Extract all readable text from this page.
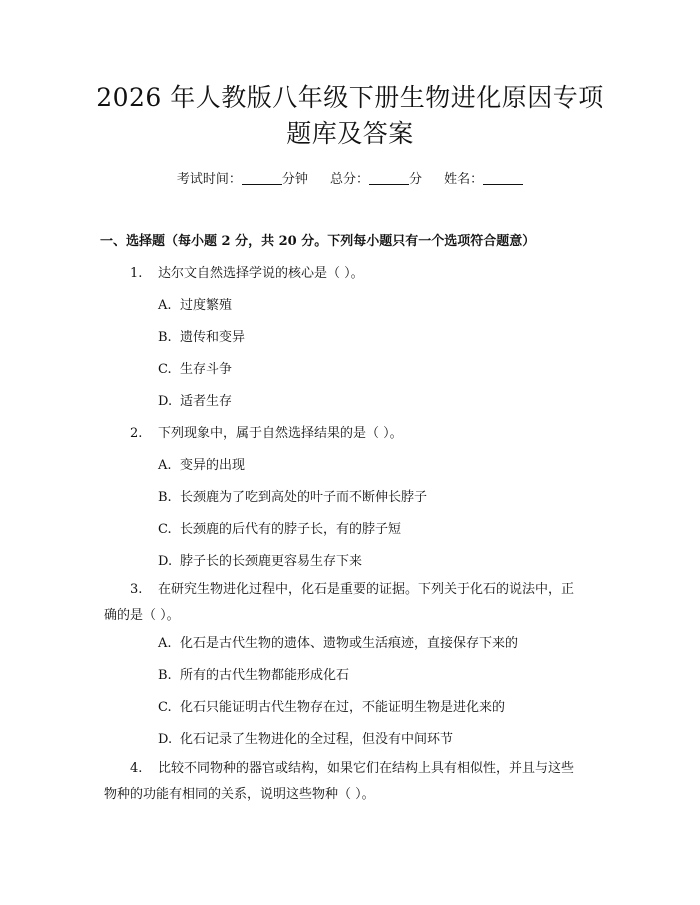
2026 年人教版八年级下册生物进化原因专项
题库及答案
考试时间：	分钟 总分：	分 姓名：
一、选择题（每小题 2 分，共 20 分。下列每小题只有一个选项符合题意）
1. 达尔文自然选择学说的核心是（ ）。
A. 过度繁殖
B. 遗传和变异
C. 生存斗争
D. 适者生存
2. 下列现象中，属于自然选择结果的是（ ）。
A. 变异的出现
B. 长颈鹿为了吃到高处的叶子而不断伸长脖子
C. 长颈鹿的后代有的脖子长，有的脖子短
D. 脖子长的长颈鹿更容易生存下来
3. 在研究生物进化过程中，化石是重要的证据。下列关于化石的说法中，正
确的是（ ）。
A. 化石是古代生物的遗体、遗物或生活痕迹，直接保存下来的
B. 所有的古代生物都能形成化石
C. 化石只能证明古代生物存在过，不能证明生物是进化来的
D. 化石记录了生物进化的全过程，但没有中间环节
4. 比较不同物种的器官或结构，如果它们在结构上具有相似性，并且与这些
物种的功能有相同的关系，说明这些物种（ ）。
